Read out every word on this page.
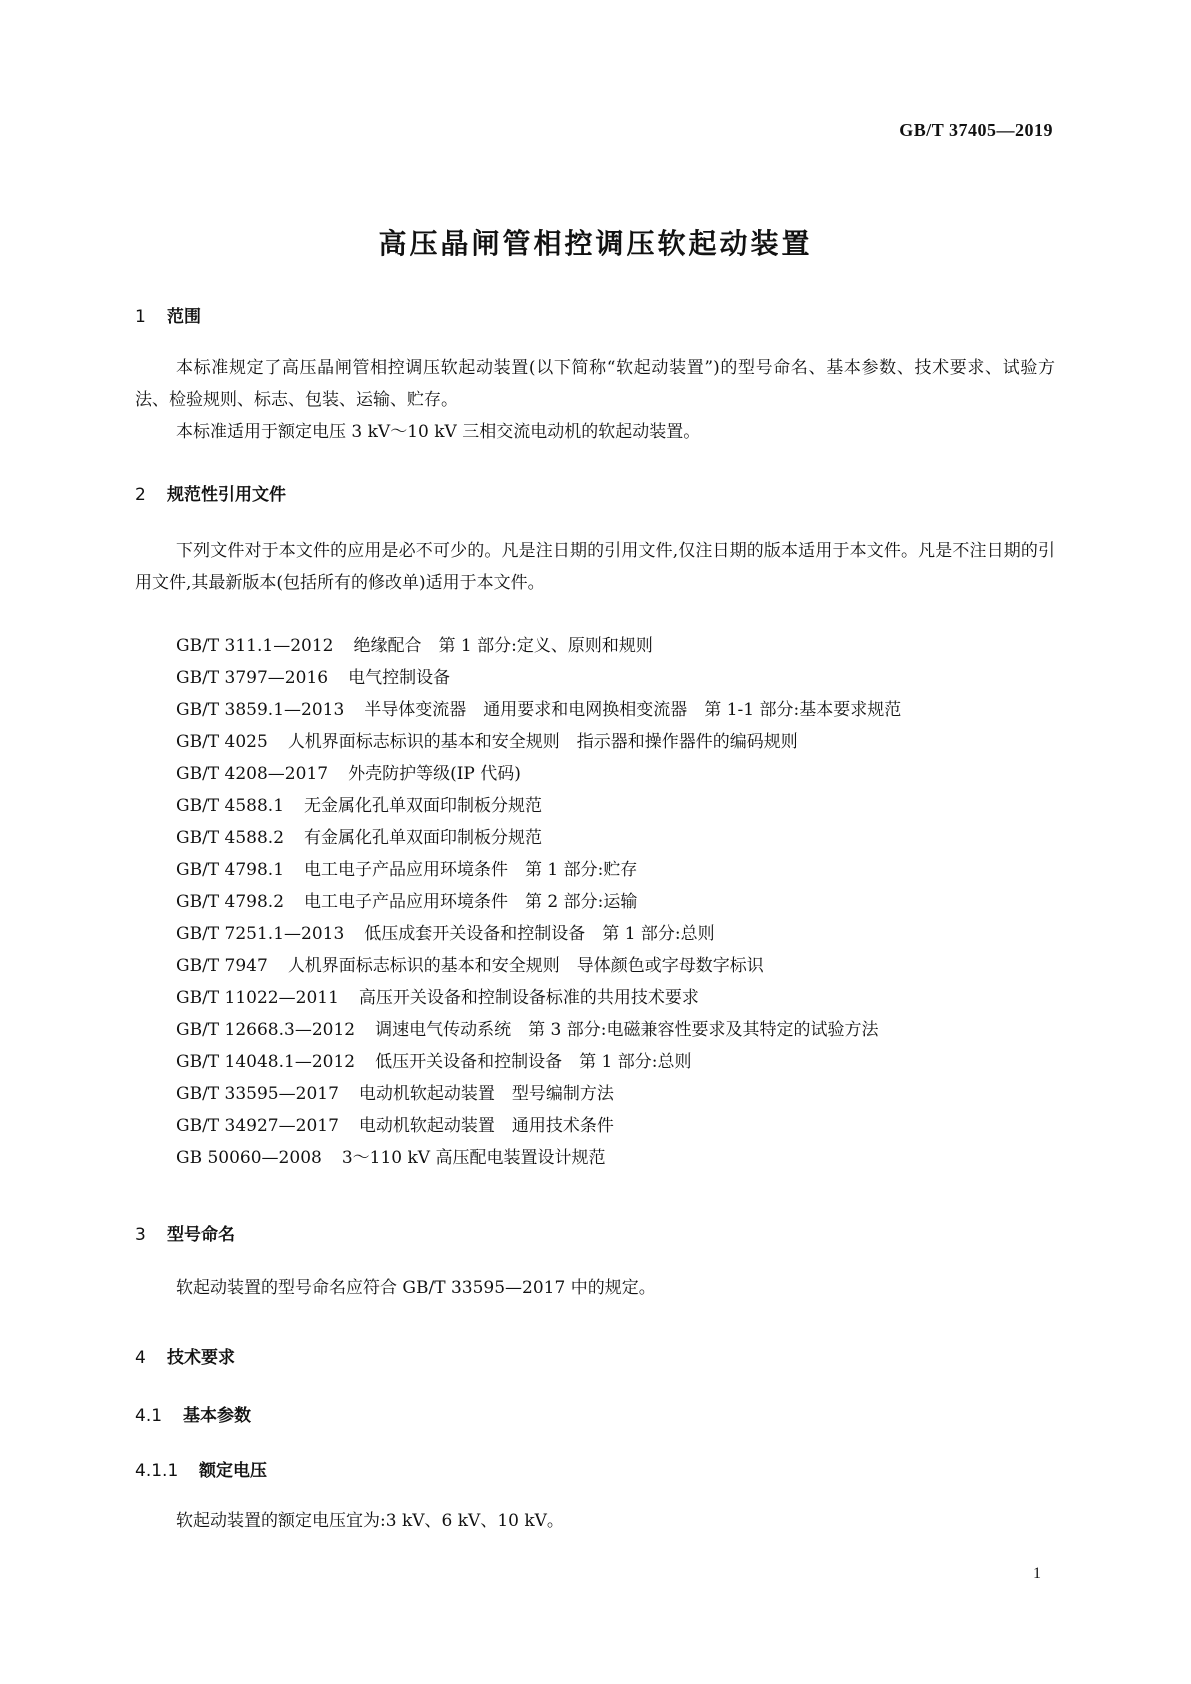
GB/T 37405—2019
高压晶闸管相控调压软起动装置
1 范围

本标准规定了高压晶闸管相控调压软起动装置(以下简称“软起动装置”)的型号命名、基本参数、技术要求、试验方法、检验规则、标志、包装、运输、贮存。

本标准适用于额定电压 3 kV～10 kV 三相交流电动机的软起动装置。

2 规范性引用文件

下列文件对于本文件的应用是必不可少的。凡是注日期的引用文件,仅注日期的版本适用于本文件。凡是不注日期的引用文件,其最新版本(包括所有的修改单)适用于本文件。

GB/T 311.1—2012 绝缘配合　第 1 部分:定义、原则和规则
GB/T 3797—2016 电气控制设备
GB/T 3859.1—2013 半导体变流器　通用要求和电网换相变流器　第 1-1 部分:基本要求规范
GB/T 4025 人机界面标志标识的基本和安全规则　指示器和操作器件的编码规则
GB/T 4208—2017 外壳防护等级(IP 代码)
GB/T 4588.1 无金属化孔单双面印制板分规范
GB/T 4588.2 有金属化孔单双面印制板分规范
GB/T 4798.1 电工电子产品应用环境条件　第 1 部分:贮存
GB/T 4798.2 电工电子产品应用环境条件　第 2 部分:运输
GB/T 7251.1—2013 低压成套开关设备和控制设备　第 1 部分:总则
GB/T 7947 人机界面标志标识的基本和安全规则　导体颜色或字母数字标识
GB/T 11022—2011 高压开关设备和控制设备标准的共用技术要求
GB/T 12668.3—2012 调速电气传动系统　第 3 部分:电磁兼容性要求及其特定的试验方法
GB/T 14048.1—2012 低压开关设备和控制设备　第 1 部分:总则
GB/T 33595—2017 电动机软起动装置　型号编制方法
GB/T 34927—2017 电动机软起动装置　通用技术条件
GB 50060—2008 3～110 kV 高压配电装置设计规范
3 型号命名

软起动装置的型号命名应符合 GB/T 33595—2017 中的规定。

4 技术要求
4.1 基本参数
4.1.1 额定电压

软起动装置的额定电压宜为:3 kV、6 kV、10 kV。

1
